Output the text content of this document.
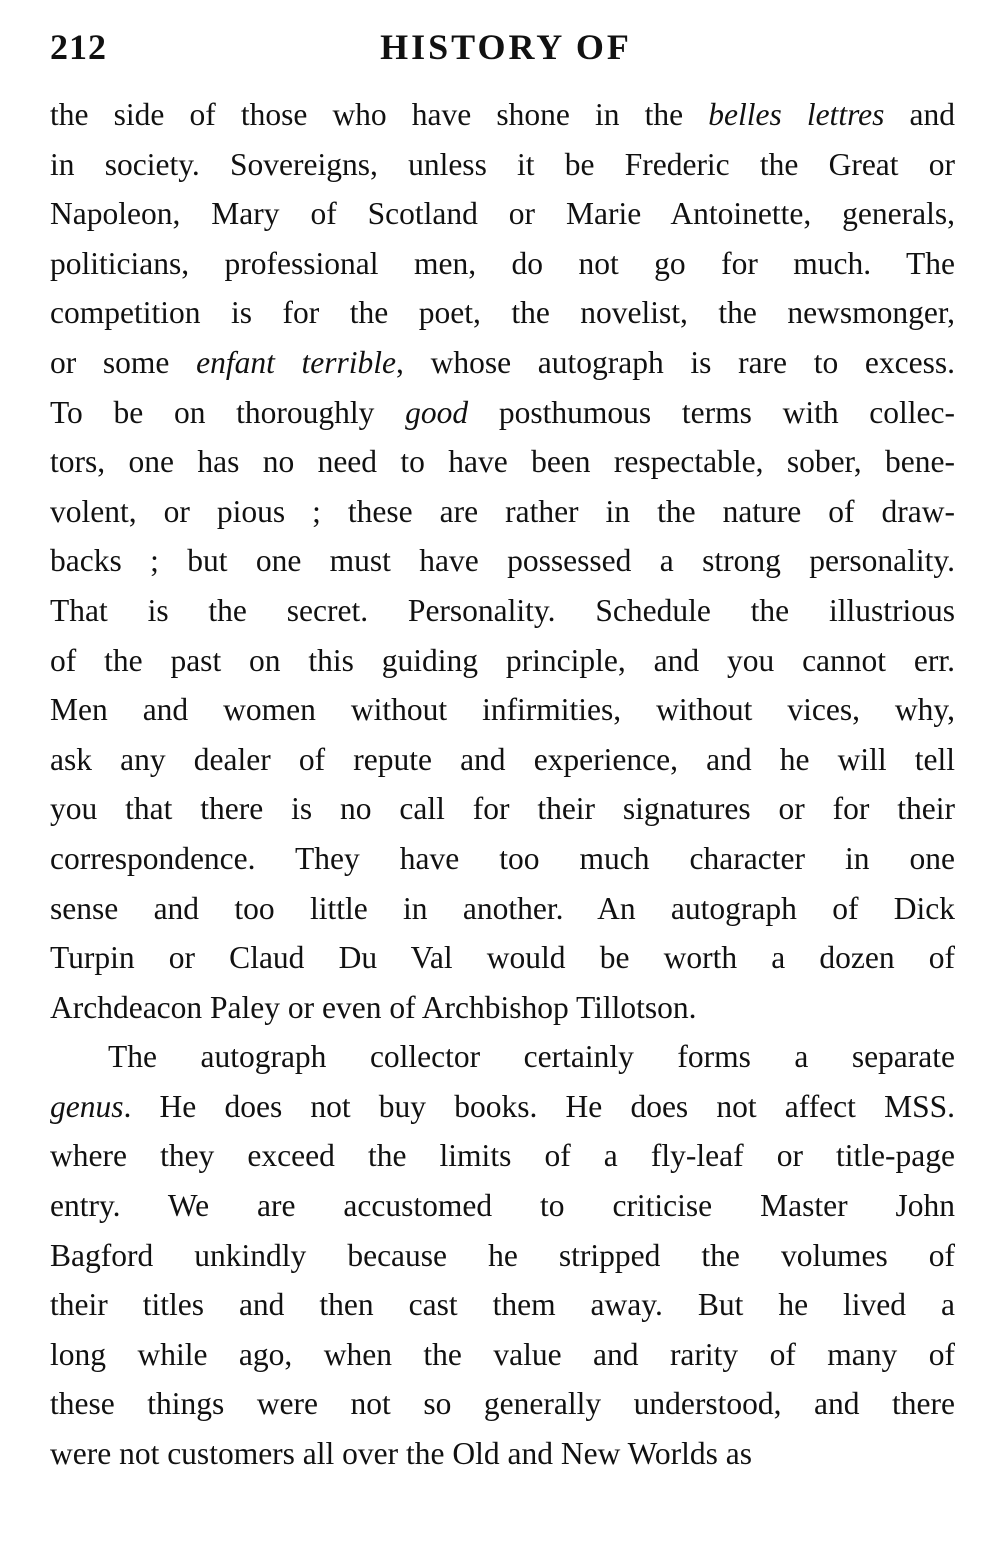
212	HISTORY OF
the side of those who have shone in the belles lettres and
in society. Sovereigns, unless it be Frederic the Great or
Napoleon, Mary of Scotland or Marie Antoinette, generals,
politicians, professional men, do not go for much. The
competition is for the poet, the novelist, the newsmonger,
or some enfant terrible, whose autograph is rare to excess.
To be on thoroughly good posthumous terms with collec-
tors, one has no need to have been respectable, sober, bene-
volent, or pious ; these are rather in the nature of draw-
backs ; but one must have possessed a strong personality.
That is the secret. Personality. Schedule the illustrious
of the past on this guiding principle, and you cannot err.
Men and women without infirmities, without vices, why,
ask any dealer of repute and experience, and he will tell
you that there is no call for their signatures or for their
correspondence. They have too much character in one
sense and too little in another. An autograph of Dick
Turpin or Claud Du Val would be worth a dozen of
Archdeacon Paley or even of Archbishop Tillotson.
The autograph collector certainly forms a separate
genus. He does not buy books. He does not affect MSS.
where they exceed the limits of a fly-leaf or title-page
entry. We are accustomed to criticise Master John
Bagford unkindly because he stripped the volumes of
their titles and then cast them away. But he lived a
long while ago, when the value and rarity of many of
these things were not so generally understood, and there
were not customers all over the Old and New Worlds as
